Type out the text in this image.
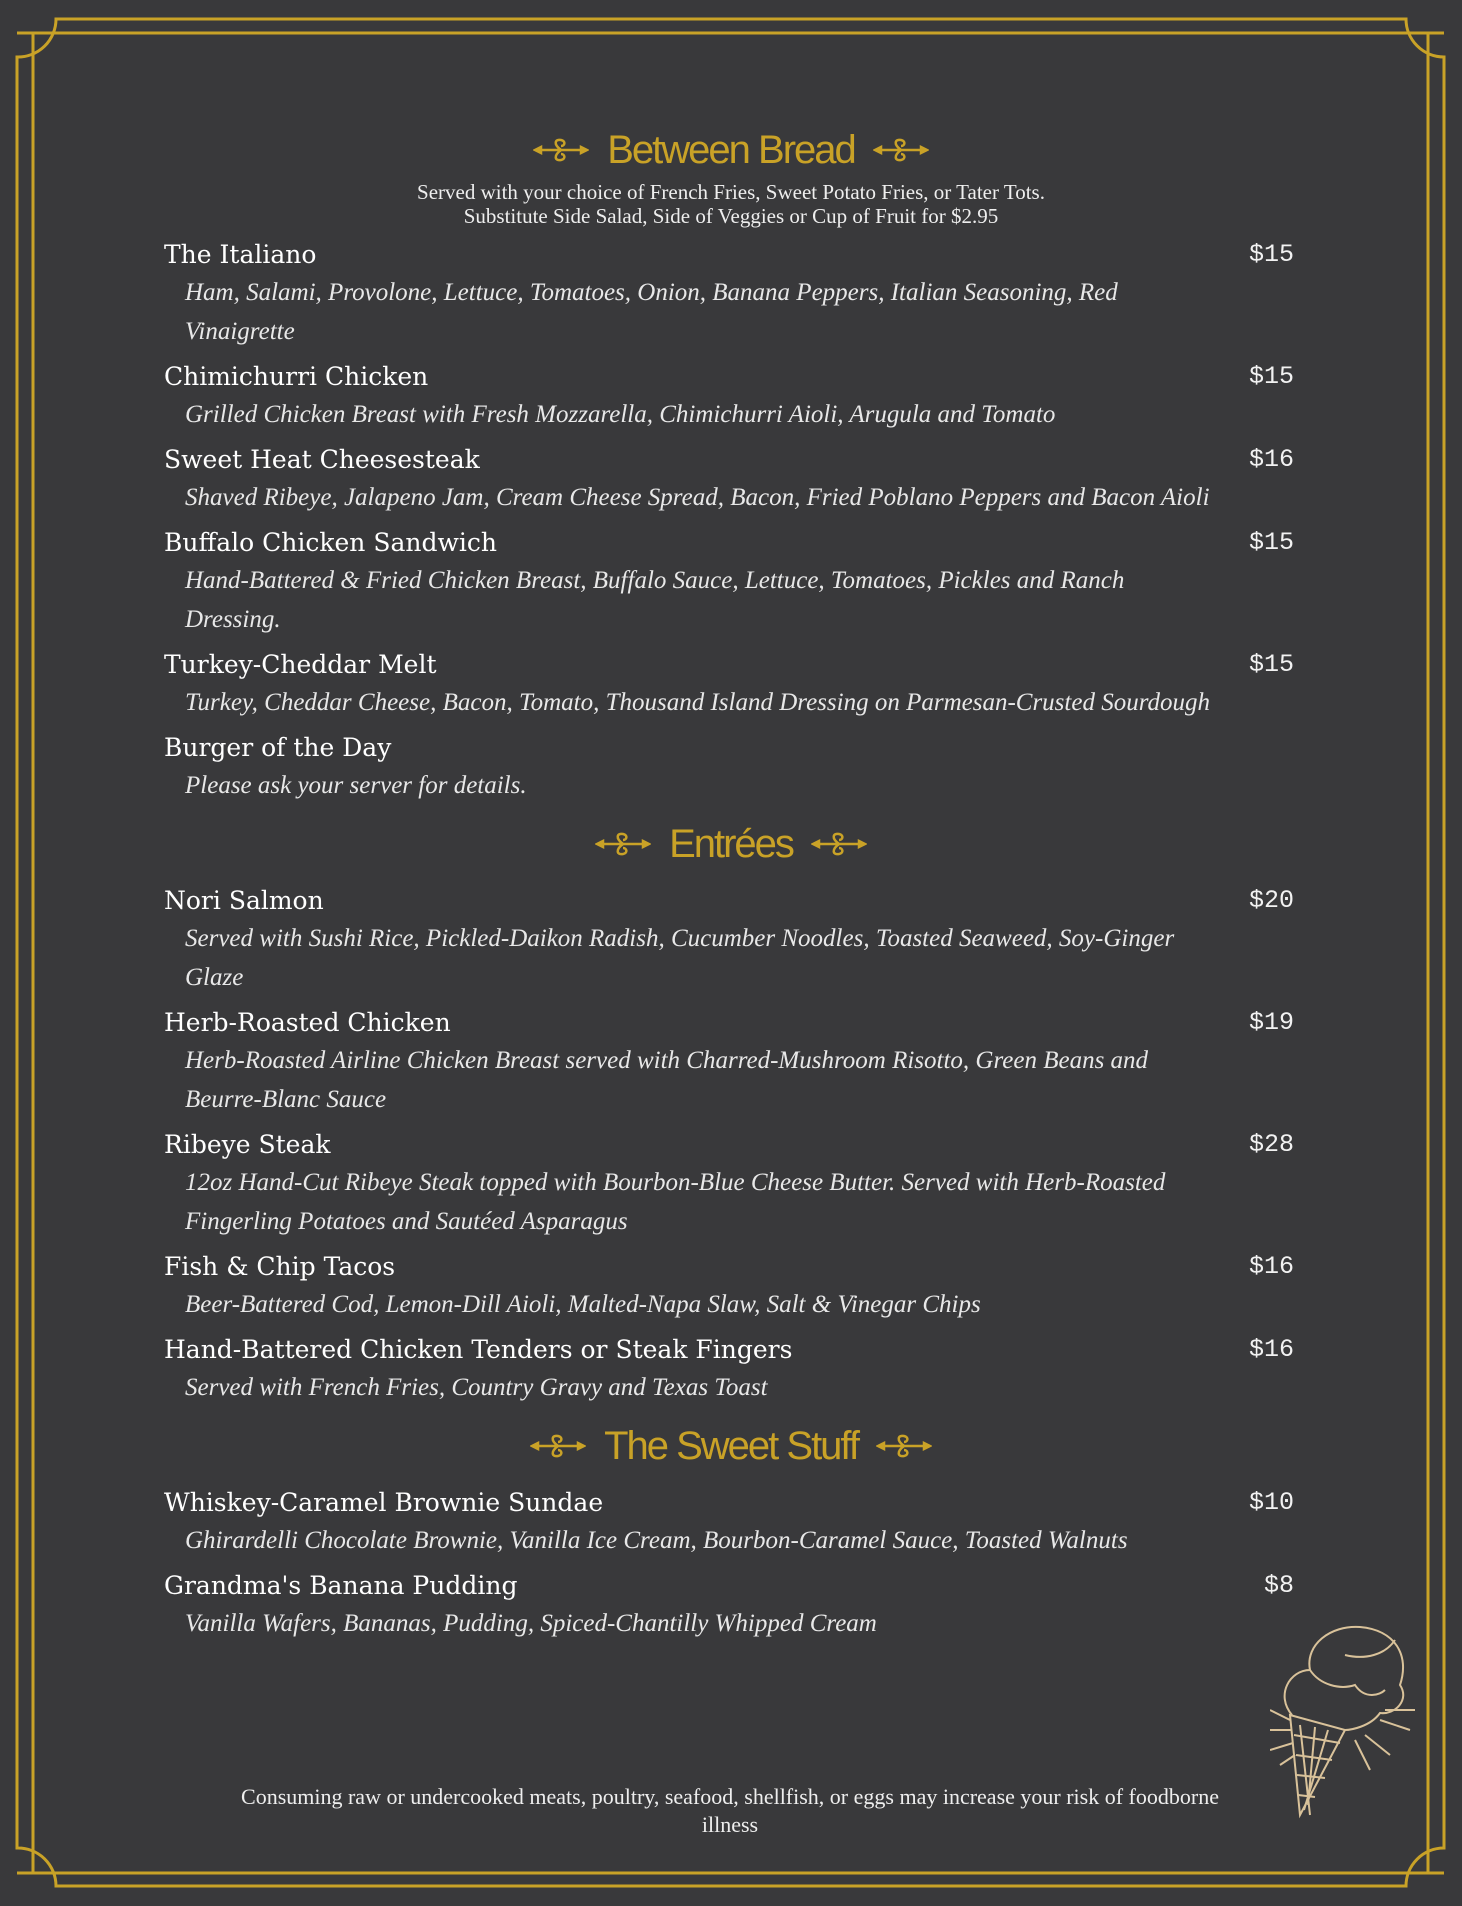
Between Bread
Served with your choice of French Fries, Sweet Potato Fries, or Tater Tots.
Substitute Side Salad, Side of Veggies or Cup of Fruit for $2.95
The Italiano	$15
Ham, Salami, Provolone, Lettuce, Tomatoes, Onion, Banana Peppers, Italian Seasoning, Red Vinaigrette
Chimichurri Chicken	$15
Grilled Chicken Breast with Fresh Mozzarella, Chimichurri Aioli, Arugula and Tomato
Sweet Heat Cheesesteak	$16
Shaved Ribeye, Jalapeno Jam, Cream Cheese Spread, Bacon, Fried Poblano Peppers and Bacon Aioli
Buffalo Chicken Sandwich	$15
Hand-Battered & Fried Chicken Breast, Buffalo Sauce, Lettuce, Tomatoes, Pickles and Ranch Dressing.
Turkey-Cheddar Melt	$15
Turkey, Cheddar Cheese, Bacon, Tomato, Thousand Island Dressing on Parmesan-Crusted Sourdough
Burger of the Day
Please ask your server for details.
Entrées
Nori Salmon	$20
Served with Sushi Rice, Pickled-Daikon Radish, Cucumber Noodles, Toasted Seaweed, Soy-Ginger Glaze
Herb-Roasted Chicken	$19
Herb-Roasted Airline Chicken Breast served with Charred-Mushroom Risotto, Green Beans and Beurre-Blanc Sauce
Ribeye Steak	$28
12oz Hand-Cut Ribeye Steak topped with Bourbon-Blue Cheese Butter. Served with Herb-Roasted Fingerling Potatoes and Sautéed Asparagus
Fish & Chip Tacos	$16
Beer-Battered Cod, Lemon-Dill Aioli, Malted-Napa Slaw, Salt & Vinegar Chips
Hand-Battered Chicken Tenders or Steak Fingers	$16
Served with French Fries, Country Gravy and Texas Toast
The Sweet Stuff
Whiskey-Caramel Brownie Sundae	$10
Ghirardelli Chocolate Brownie, Vanilla Ice Cream, Bourbon-Caramel Sauce, Toasted Walnuts
Grandma's Banana Pudding	$8
Vanilla Wafers, Bananas, Pudding, Spiced-Chantilly Whipped Cream
Consuming raw or undercooked meats, poultry, seafood, shellfish, or eggs may increase your risk of foodborne illness
